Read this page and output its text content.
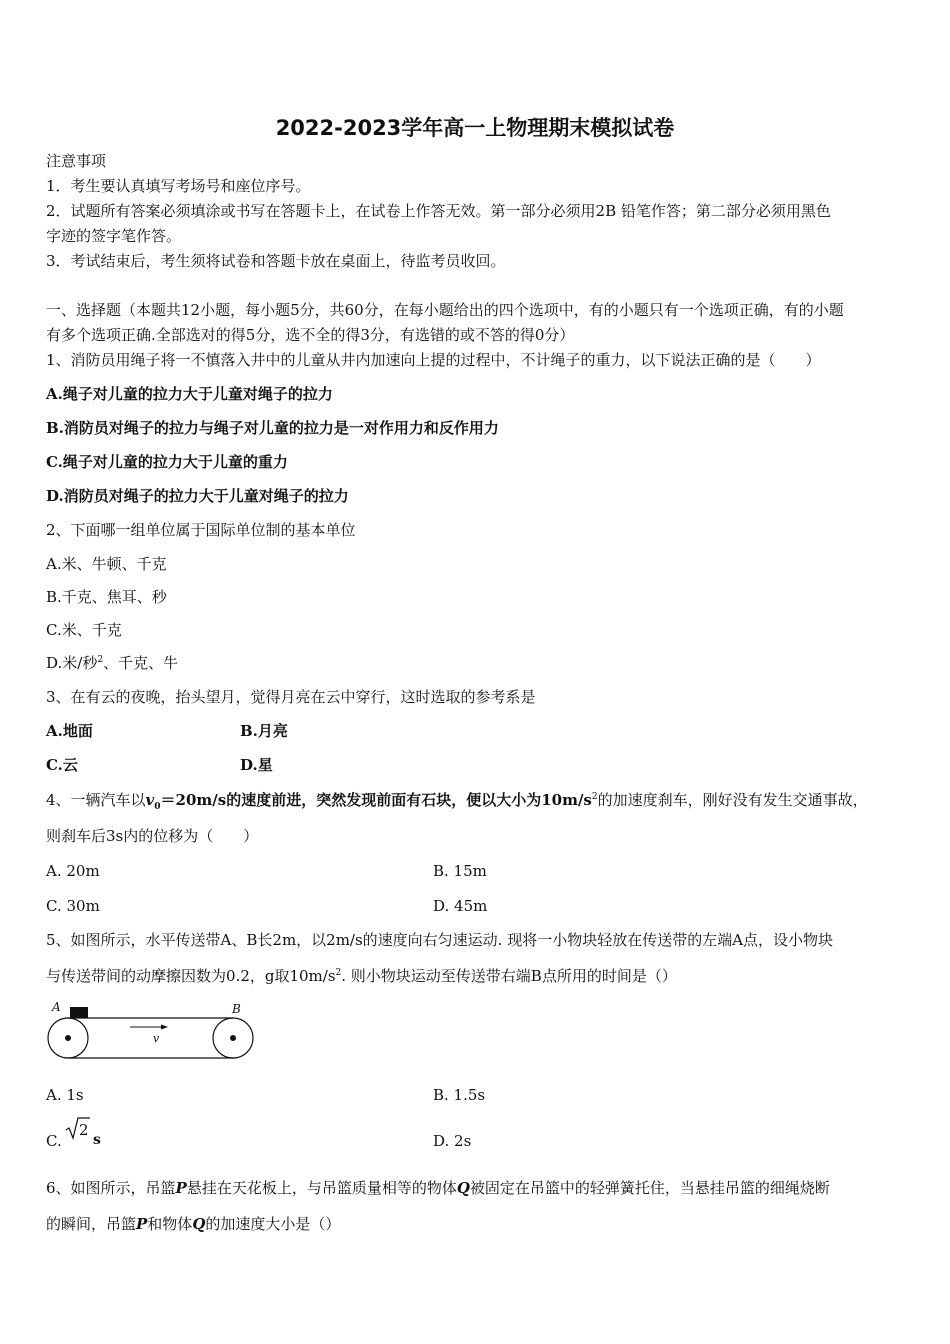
2022-2023学年高一上物理期末模拟试卷
注意事项
1．考生要认真填写考场号和座位序号。
2．试题所有答案必须填涂或书写在答题卡上，在试卷上作答无效。第一部分必须用2B 铅笔作答；第二部分必须用黑色
字迹的签字笔作答。
3．考试结束后，考生须将试卷和答题卡放在桌面上，待监考员收回。
一、选择题（本题共12小题，每小题5分，共60分，在每小题给出的四个选项中，有的小题只有一个选项正确，有的小题
有多个选项正确.全部选对的得5分，选不全的得3分，有选错的或不答的得0分）
1、消防员用绳子将一不慎落入井中的儿童从井内加速向上提的过程中，不计绳子的重力，以下说法正确的是（　　）
A.绳子对儿童的拉力大于儿童对绳子的拉力
B.消防员对绳子的拉力与绳子对儿童的拉力是一对作用力和反作用力
C.绳子对儿童的拉力大于儿童的重力
D.消防员对绳子的拉力大于儿童对绳子的拉力
2、下面哪一组单位属于国际单位制的基本单位
A.米、牛顿、千克
B.千克、焦耳、秒
C.米、千克
D.米/秒$^2$、千克、牛
3、在有云的夜晚，抬头望月，觉得月亮在云中穿行，这时选取的参考系是
A.地面	B.月亮
C.云	D.星
4、一辆汽车以$v_0=20m/s$的速度前进，突然发现前面有石块，便以大小为$10m/s^2$的加速度刹车，刚好没有发生交通事故，
则刹车后3s内的位移为（　　）
A. 20m	B. 15m
C. 30m	D. 45m
5、如图所示，水平传送带A、B长2m，以2m/s的速度向右匀速运动. 现将一小物块轻放在传送带的左端A点，设小物块
与传送带间的动摩擦因数为0.2，g取$10m/s^2$. 则小物块运动至传送带右端B点所用的时间是（）
A	B
v
A. 1s	B. 1.5s
C.
2
s	D. 2s
6、如图所示，吊篮P悬挂在天花板上，与吊篮质量相等的物体Q被固定在吊篮中的轻弹簧托住，当悬挂吊篮的细绳烧断
的瞬间，吊篮P和物体Q的加速度大小是（）
